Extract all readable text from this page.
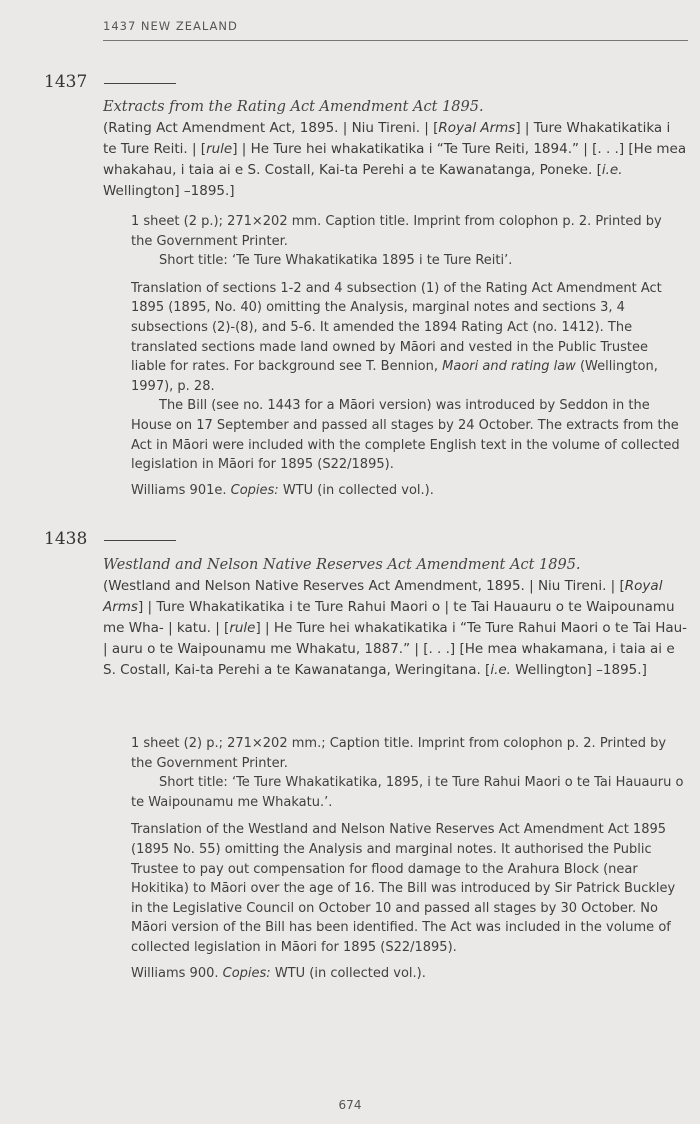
1437 NEW ZEALAND
1437
Extracts from the Rating Act Amendment Act 1895.

(Rating Act Amendment Act, 1895. | Niu Tireni. | [Royal Arms] | Ture Whakatikatika i te Ture Reiti. | [rule] | He Ture hei whakatikatika i “Te Ture Reiti, 1894.” | [. . .] [He mea whakahau, i taia ai e S. Costall, Kai-ta Perehi a te Kawanatanga, Poneke. [i.e. Wellington] –1895.]

1 sheet (2 p.); 271×202 mm. Caption title. Imprint from colophon p. 2. Printed by the Government Printer.

Short title: ‘Te Ture Whakatikatika 1895 i te Ture Reiti’.

Translation of sections 1-2 and 4 subsection (1) of the Rating Act Amendment Act 1895 (1895, No. 40) omitting the Analysis, marginal notes and sections 3, 4 subsections (2)-(8), and 5-6. It amended the 1894 Rating Act (no. 1412). The translated sections made land owned by Māori and vested in the Public Trustee liable for rates. For background see T. Bennion, Maori and rating law (Wellington, 1997), p. 28.

The Bill (see no. 1443 for a Māori version) was introduced by Seddon in the House on 17 September and passed all stages by 24 October. The extracts from the Act in Māori were included with the complete English text in the volume of collected legislation in Māori for 1895 (S22/1895).

Williams 901e. Copies: WTU (in collected vol.).

1438
Westland and Nelson Native Reserves Act Amendment Act 1895.

(Westland and Nelson Native Reserves Act Amendment, 1895. | Niu Tireni. | [Royal Arms] | Ture Whakatikatika i te Ture Rahui Maori o | te Tai Hauauru o te Waipounamu me Wha- | katu. | [rule] | He Ture hei whakatikatika i “Te Ture Rahui Maori o te Tai Hau- | auru o te Waipounamu me Whakatu, 1887.” | [. . .] [He mea whakamana, i taia ai e S. Costall, Kai-ta Perehi a te Kawanatanga, Weringitana. [i.e. Wellington] –1895.]

1 sheet (2) p.; 271×202 mm.; Caption title. Imprint from colophon p. 2. Printed by the Government Printer.

Short title: ‘Te Ture Whakatikatika, 1895, i te Ture Rahui Maori o te Tai Hauauru o te Waipounamu me Whakatu.’.

Translation of the Westland and Nelson Native Reserves Act Amendment Act 1895 (1895 No. 55) omitting the Analysis and marginal notes. It authorised the Public Trustee to pay out compensation for flood damage to the Arahura Block (near Hokitika) to Māori over the age of 16. The Bill was introduced by Sir Patrick Buckley in the Legislative Council on October 10 and passed all stages by 30 October. No Māori version of the Bill has been identified. The Act was included in the volume of collected legislation in Māori for 1895 (S22/1895).

Williams 900. Copies: WTU (in collected vol.).

674
